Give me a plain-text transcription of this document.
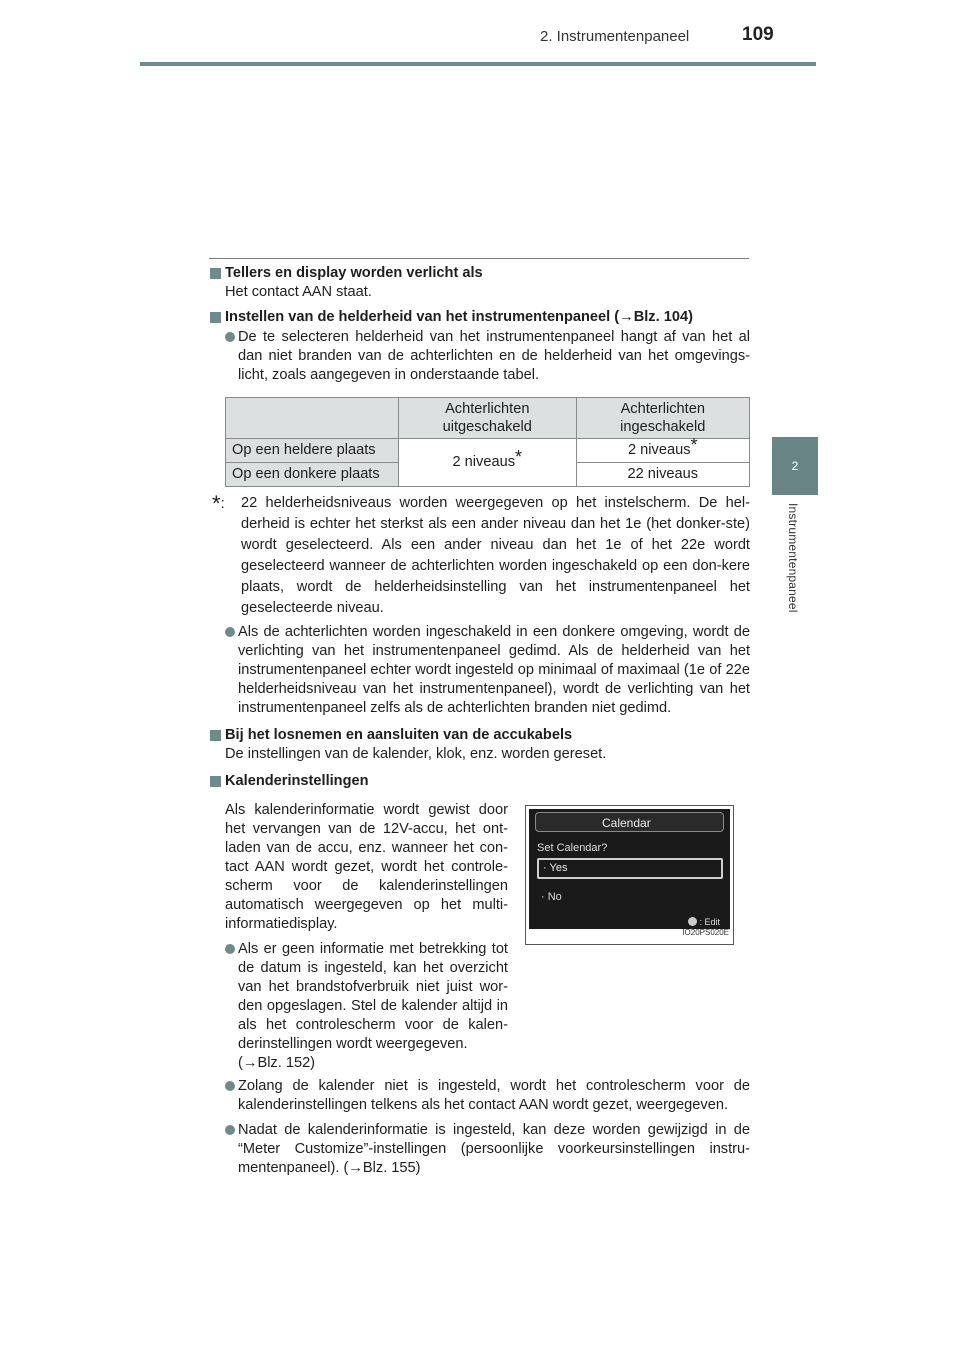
2. Instrumentenpaneel	109
2
Instrumentenpaneel
Tellers en display worden verlicht als
Het contact AAN staat.
Instellen van de helderheid van het instrumentenpaneel (→Blz. 104)
De te selecteren helderheid van het instrumentenpaneel hangt af van het al dan niet branden van de achterlichten en de helderheid van het omgevings-licht, zoals aangegeven in onderstaande tabel.
	Achterlichten uitgeschakeld	Achterlichten ingeschakeld
Op een heldere plaats	2 niveaus*	2 niveaus*
Op een donkere plaats		22 niveaus
*: 22 helderheidsniveaus worden weergegeven op het instelscherm. De hel-derheid is echter het sterkst als een ander niveau dan het 1e (het donker-ste) wordt geselecteerd. Als een ander niveau dan het 1e of het 22e wordt geselecteerd wanneer de achterlichten worden ingeschakeld op een don-kere plaats, wordt de helderheidsinstelling van het instrumentenpaneel het geselecteerde niveau.
Als de achterlichten worden ingeschakeld in een donkere omgeving, wordt de verlichting van het instrumentenpaneel gedimd. Als de helderheid van het instrumentenpaneel echter wordt ingesteld op minimaal of maximaal (1e of 22e helderheidsniveau van het instrumentenpaneel), wordt de verlichting van het instrumentenpaneel zelfs als de achterlichten branden niet gedimd.
Bij het losnemen en aansluiten van de accukabels
De instellingen van de kalender, klok, enz. worden gereset.
Kalenderinstellingen
Als kalenderinformatie wordt gewist door het vervangen van de 12V-accu, het ont-laden van de accu, enz. wanneer het con-tact AAN wordt gezet, wordt het controle-scherm voor de kalenderinstellingen automatisch weergegeven op het multi-informatiedisplay.
Als er geen informatie met betrekking tot de datum is ingesteld, kan het overzicht van het brandstofverbruik niet juist wor-den opgeslagen. Stel de kalender altijd in als het controlescherm voor de kalen-derinstellingen wordt weergegeven.
(→Blz. 152)
Calendar
Set Calendar?
· Yes
· No
: Edit
IO20PS020E
Zolang de kalender niet is ingesteld, wordt het controlescherm voor de kalenderinstellingen telkens als het contact AAN wordt gezet, weergegeven.
Nadat de kalenderinformatie is ingesteld, kan deze worden gewijzigd in de “Meter Customize”-instellingen (persoonlijke voorkeursinstellingen instru-mentenpaneel). (→Blz. 155)
